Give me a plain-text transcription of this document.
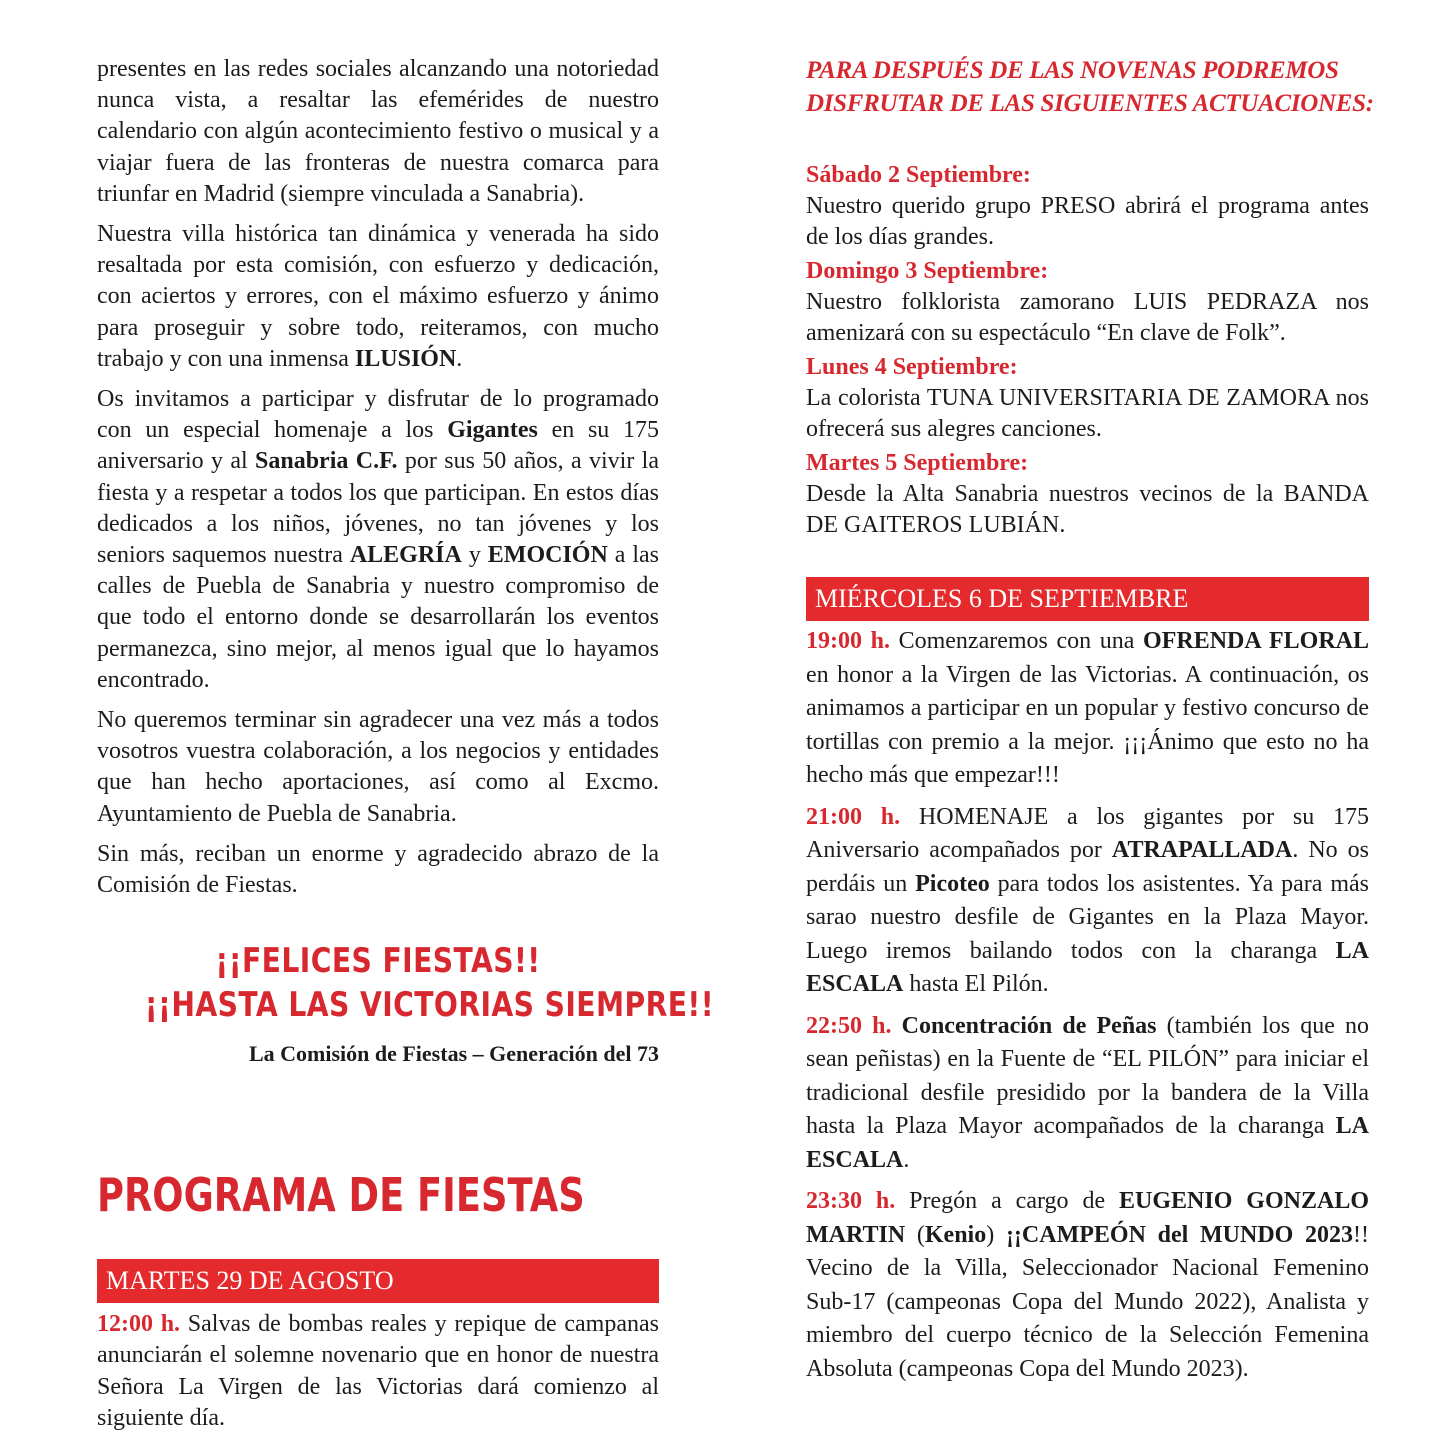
presentes en las redes sociales alcanzando una notoriedad nunca vista, a resaltar las efemérides de nuestro calendario con algún acontecimiento festivo o musical y a viajar fuera de las fronteras de nuestra comarca para triunfar en Madrid (siempre vinculada a Sanabria).

Nuestra villa histórica tan dinámica y venerada ha sido resaltada por esta comisión, con esfuerzo y dedicación, con aciertos y errores, con el máximo esfuerzo y ánimo para proseguir y sobre todo, reiteramos, con mucho trabajo y con una inmensa ILUSIÓN.

Os invitamos a participar y disfrutar de lo programado con un especial homenaje a los Gigantes en su 175 aniversario y al Sanabria C.F. por sus 50 años, a vivir la fiesta y a respetar a todos los que participan. En estos días dedicados a los niños, jóvenes, no tan jóvenes y los seniors saquemos nuestra ALEGRÍA y EMOCIÓN a las calles de Puebla de Sanabria y nuestro compromiso de que todo el entorno donde se desarrollarán los eventos permanezca, sino mejor, al menos igual que lo hayamos encontrado.

No queremos terminar sin agradecer una vez más a todos vosotros vuestra colaboración, a los negocios y entidades que han hecho aportaciones, así como al Excmo. Ayuntamiento de Puebla de Sanabria.

Sin más, reciban un enorme y agradecido abrazo de la Comisión de Fiestas.

¡¡FELICES FIESTAS!!
¡¡HASTA LAS VICTORIAS SIEMPRE!!
La Comisión de Fiestas – Generación del 73
PROGRAMA DE FIESTAS
MARTES 29 DE AGOSTO

12:00 h. Salvas de bombas reales y repique de campanas anunciarán el solemne novenario que en honor de nuestra Señora La Virgen de las Victorias dará comienzo al siguiente día.

PARA DESPUÉS DE LAS NOVENAS PODREMOS
DISFRUTAR DE LAS SIGUIENTES ACTUACIONES:
Sábado 2 Septiembre:

Nuestro querido grupo PRESO abrirá el programa antes de los días grandes.

Domingo 3 Septiembre:

Nuestro folklorista zamorano LUIS PEDRAZA nos amenizará con su espectáculo “En clave de Folk”.

Lunes 4 Septiembre:

La colorista TUNA UNIVERSITARIA DE ZAMORA nos ofrecerá sus alegres canciones.

Martes 5 Septiembre:

Desde la Alta Sanabria nuestros vecinos de la BANDA DE GAITEROS LUBIÁN.

MIÉRCOLES 6 DE SEPTIEMBRE

19:00 h. Comenzaremos con una OFRENDA FLORAL en honor a la Virgen de las Victorias. A continuación, os animamos a participar en un popular y festivo concurso de tortillas con premio a la mejor. ¡¡¡Ánimo que esto no ha hecho más que empezar!!!

21:00 h. HOMENAJE a los gigantes por su 175 Aniversario acompañados por ATRAPALLADA. No os perdáis un Picoteo para todos los asistentes. Ya para más sarao nuestro desfile de Gigantes en la Plaza Mayor. Luego iremos bailando todos con la charanga LA ESCALA hasta El Pilón.

22:50 h. Concentración de Peñas (también los que no sean peñistas) en la Fuente de “EL PILÓN” para iniciar el tradicional desfile presidido por la bandera de la Villa hasta la Plaza Mayor acompañados de la charanga LA ESCALA.

23:30 h. Pregón a cargo de EUGENIO GONZALO MARTIN (Kenio) ¡¡CAMPEÓN del MUNDO 2023!! Vecino de la Villa, Seleccionador Nacional Femenino Sub-17 (campeonas Copa del Mundo 2022), Analista y miembro del cuerpo técnico de la Selección Femenina Absoluta (campeonas Copa del Mundo 2023).
